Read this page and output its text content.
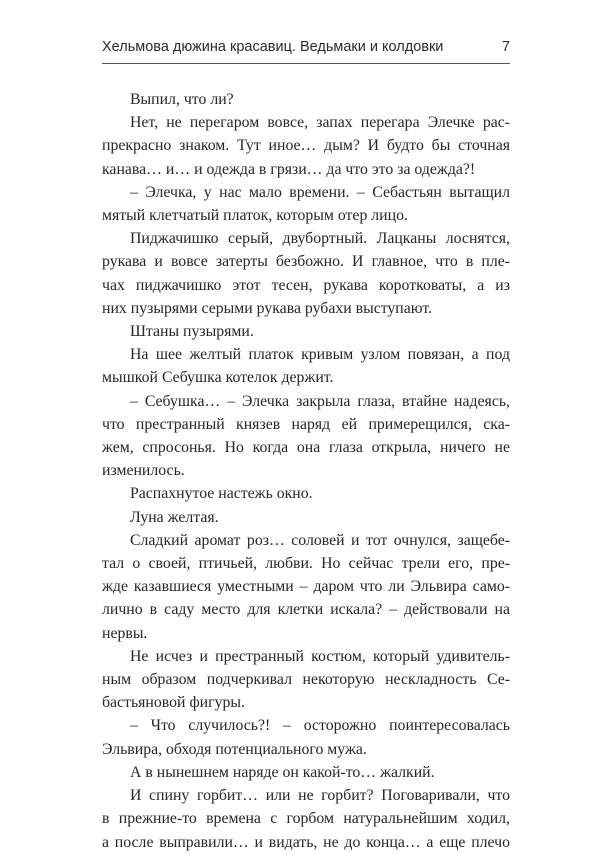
Хельмова дюжина красавиц. Ведьмаки и колдовки	7
Выпил, что ли?
Нет, не перегаром вовсе, запах перегара Элечке рас-
прекрасно знаком. Тут иное… дым? И будто бы сточная
канава… и… и одежда в грязи… да что это за одежда?!
– Элечка, у нас мало времени. – Себастьян вытащил
мятый клетчатый платок, которым отер лицо.
Пиджачишко серый, двубортный. Лацканы лоснятся,
рукава и вовсе затерты безбожно. И главное, что в пле-
чах пиджачишко этот тесен, рукава коротковаты, а из
них пузырями серыми рукава рубахи выступают.
Штаны пузырями.
На шее желтый платок кривым узлом повязан, а под
мышкой Себушка котелок держит.
– Себушка… – Элечка закрыла глаза, втайне надеясь,
что престранный князев наряд ей примерещился, ска-
жем, спросонья. Но когда она глаза открыла, ничего не
изменилось.
Распахнутое настежь окно.
Луна желтая.
Сладкий аромат роз… соловей и тот очнулся, защебе-
тал о своей, птичьей, любви. Но сейчас трели его, пре-
жде казавшиеся уместными – даром что ли Эльвира само-
лично в саду место для клетки искала? – действовали на
нервы.
Не исчез и престранный костюм, который удивитель-
ным образом подчеркивал некоторую нескладность Се-
бастьяновой фигуры.
– Что случилось?! – осторожно поинтересовалась
Эльвира, обходя потенциального мужа.
А в нынешнем наряде он какой-то… жалкий.
И спину горбит… или не горбит? Поговаривали, что
в прежние-то времена с горбом натуральнейшим ходил,
а после выправили… и видать, не до конца… а еще плечо
